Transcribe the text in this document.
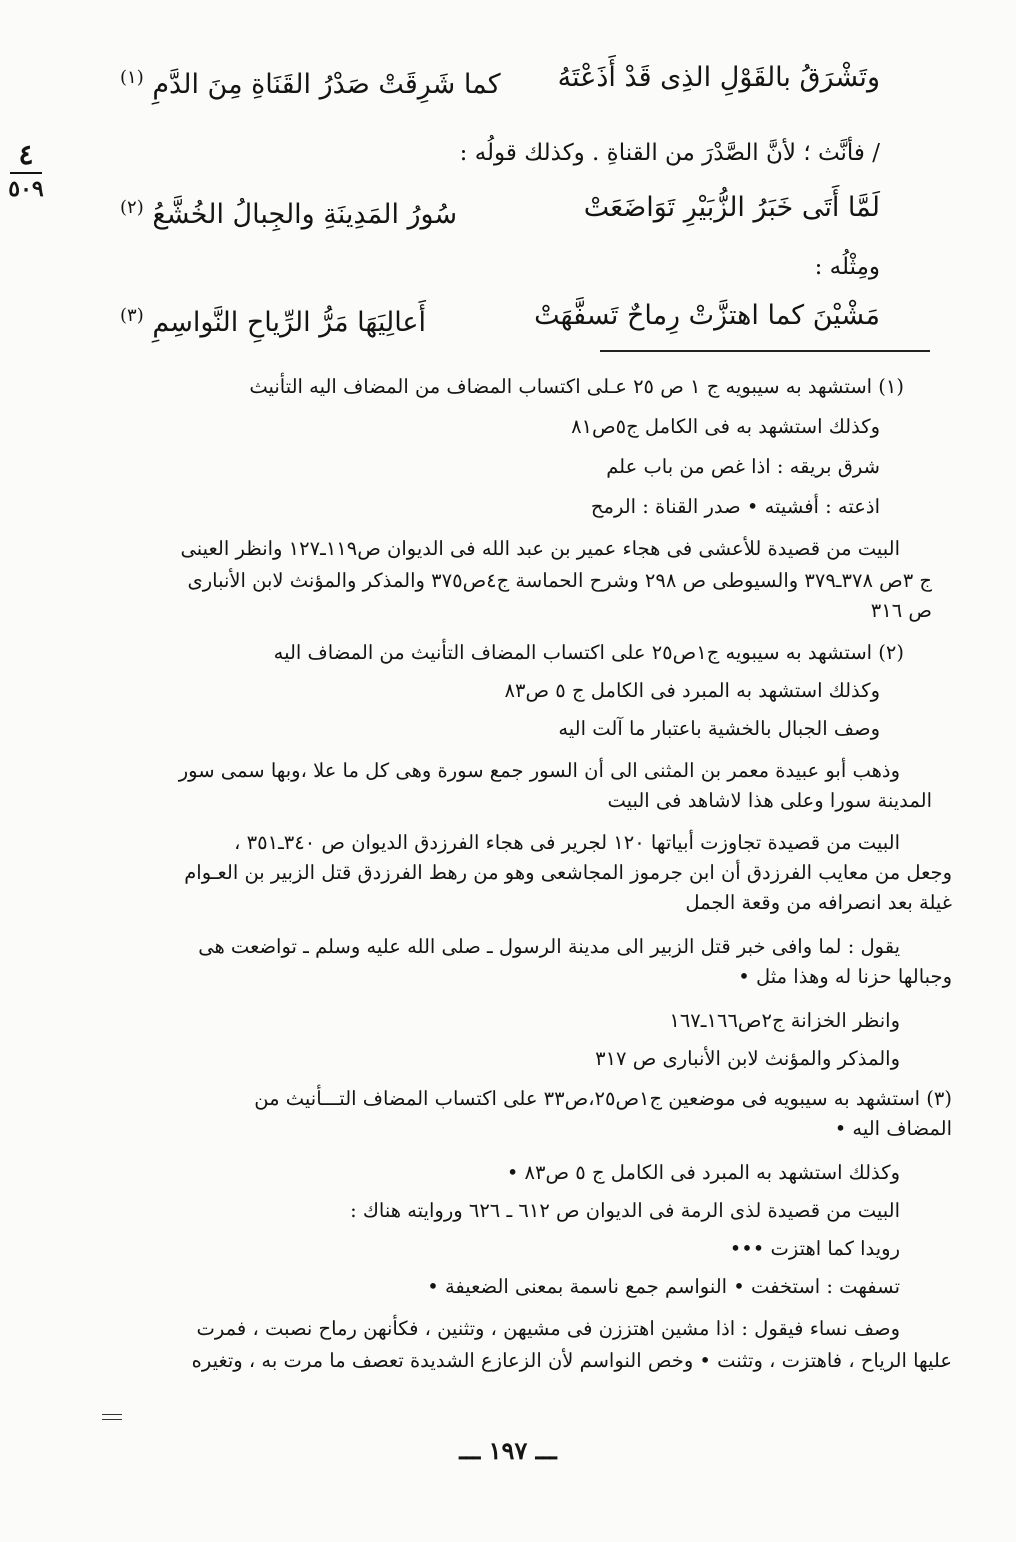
٤
٥٠٩
وتَشْرَقُ بالقَوْلِ الذِى قَدْ أَذَعْتَهُ
كما شَرِقَتْ صَدْرُ القَنَاةِ مِنَ الدَّمِ $^{(١)}$
/ فأنَّث ؛ لأنَّ الصَّدْرَ من القناةِ . وكذلك قولُه :
لَمَّا أَتَى خَبَرُ الزُّبَيْرِ تَوَاضَعَتْ
سُورُ المَدِينَةِ والجِبالُ الخُشَّعُ $^{(٢)}$
ومِثْلُه :
مَشْيْنَ كما اهتزَّتْ رِماحٌ تَسفَّهَتْ
أَعالِيَهَا مَرُّ الرِّياحِ النَّواسِمِ $^{(٣)}$
(١) استشهد به سيبويه ج ١ ص ٢٥ عـلى اكتساب المضاف من المضاف اليه التأنيث
وكذلك استشهد به فى الكامل ج٥ص٨١
شرق بريقه : اذا غص من باب علم
اذعته : أفشيته • صدر القناة : الرمح
البيت من قصيدة للأعشى فى هجاء عمير بن عبد الله فى الديوان ص١١٩ـ١٢٧ وانظر العينى
ج ٣ص ٣٧٨ـ٣٧٩ والسيوطى ص ٢٩٨ وشرح الحماسة ج٤ص٣٧٥ والمذكر والمؤنث لابن الأنبارى
ص ٣١٦
(٢) استشهد به سيبويه ج١ص٢٥ على اكتساب المضاف التأنيث من المضاف اليه
وكذلك استشهد به المبرد فى الكامل ج ٥ ص٨٣
وصف الجبال بالخشية باعتبار ما آلت اليه
وذهب أبو عبيدة معمر بن المثنى الى أن السور جمع سورة وهى كل ما علا ،وبها سمى سور
المدينة سورا وعلى هذا لاشاهد فى البيت
البيت من قصيدة تجاوزت أبياتها ١٢٠ لجرير فى هجاء الفرزدق الديوان ص ٣٤٠ـ٣٥١ ،
وجعل من معايب الفرزدق أن ابن جرموز المجاشعى وهو من رهط الفرزدق قتل الزبير بن العـوام
غيلة بعد انصرافه من وقعة الجمل
يقول : لما وافى خبر قتل الزبير الى مدينة الرسول ـ صلى الله عليه وسلم ـ تواضعت هى
وجبالها حزنا له وهذا مثل •
وانظر الخزانة ج٢ص١٦٦ـ١٦٧
والمذكر والمؤنث لابن الأنبارى ص ٣١٧
(٣) استشهد به سيبويه فى موضعين ج١ص٢٥،ص٣٣ على اكتساب المضاف التـــأنيث من
المضاف اليه •
وكذلك استشهد به المبرد فى الكامل ج ٥ ص٨٣ •
البيت من قصيدة لذى الرمة فى الديوان ص ٦١٢ ـ ٦٢٦ وروايته هناك :
رويدا كما اهتزت •••
تسفهت : استخفت • النواسم جمع ناسمة بمعنى الضعيفة •
وصف نساء فيقول : اذا مشين اهتززن فى مشيهن ، وتثنين ، فكأنهن رماح نصبت ، فمرت
عليها الرياح ، فاهتزت ، وتثنت • وخص النواسم لأن الزعازع الشديدة تعصف ما مرت به ، وتغيره
ـــ ١٩٧ ـــ
